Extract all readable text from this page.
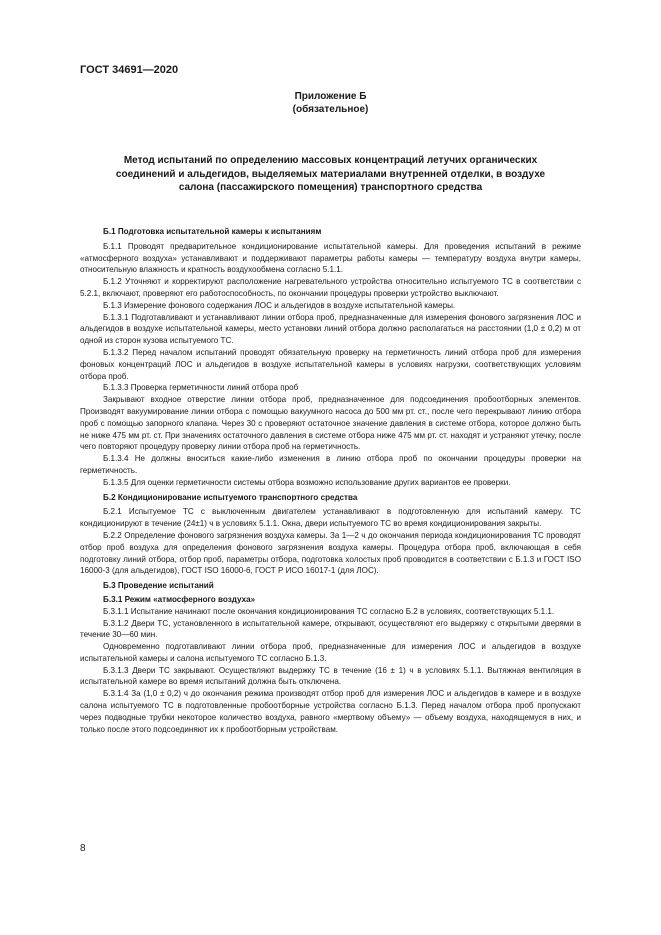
ГОСТ 34691—2020
Приложение Б
(обязательное)
Метод испытаний по определению массовых концентраций летучих органических соединений и альдегидов, выделяемых материалами внутренней отделки, в воздухе салона (пассажирского помещения) транспортного средства

Б.1 Подготовка испытательной камеры к испытаниям

Б.1.1 Проводят предварительное кондиционирование испытательной камеры. Для проведения испытаний в режиме «атмосферного воздуха» устанавливают и поддерживают параметры работы камеры — температуру воздуха внутри камеры, относительную влажность и кратность воздухообмена согласно 5.1.1.

Б.1.2 Уточняют и корректируют расположение нагревательного устройства относительно испытуемого ТС в соответствии с 5.2.1, включают, проверяют его работоспособность, по окончании процедуры проверки устройство выключают.

Б.1.3 Измерение фонового содержания ЛОС и альдегидов в воздухе испытательной камеры.

Б.1.3.1 Подготавливают и устанавливают линии отбора проб, предназначенные для измерения фонового загрязнения ЛОС и альдегидов в воздухе испытательной камеры, место установки линий отбора должно располагаться на расстоянии (1,0 ± 0,2) м от одной из сторон кузова испытуемого ТС.

Б.1.3.2 Перед началом испытаний проводят обязательную проверку на герметичность линий отбора проб для измерения фоновых концентраций ЛОС и альдегидов в воздухе испытательной камеры в условиях нагрузки, соответствующих условиям отбора проб.

Б.1.3.3 Проверка герметичности линий отбора проб

Закрывают входное отверстие линии отбора проб, предназначенное для подсоединения пробоотборных элементов. Производят вакуумирование линии отбора с помощью вакуумного насоса до 500 мм рт. ст., после чего перекрывают линию отбора проб с помощью запорного клапана. Через 30 с проверяют остаточное значение давления в системе отбора, которое должно быть не ниже 475 мм рт. ст. При значениях остаточного давления в системе отбора ниже 475 мм рт. ст. находят и устраняют утечку, после чего повторяют процедуру проверку линии отбора проб на герметичность.

Б.1.3.4 Не должны вноситься какие-либо изменения в линию отбора проб по окончании процедуры проверки на герметичность.

Б.1.3.5 Для оценки герметичности системы отбора возможно использование других вариантов ее проверки.

Б.2 Кондиционирование испытуемого транспортного средства

Б.2.1 Испытуемое ТС с выключенным двигателем устанавливают в подготовленную для испытаний камеру. ТС кондиционируют в течение (24±1) ч в условиях 5.1.1. Окна, двери испытуемого ТС во время кондиционирования закрыты.

Б.2.2 Определение фонового загрязнения воздуха камеры. За 1—2 ч до окончания периода кондиционирования ТС проводят отбор проб воздуха для определения фонового загрязнения воздуха камеры. Процедура отбора проб, включающая в себя подготовку линий отбора, отбор проб, параметры отбора, подготовка холостых проб проводится в соответствии с Б.1.3 и ГОСТ ISO 16000-3 (для альдегидов), ГОСТ ISO 16000-6, ГОСТ Р ИСО 16017-1 (для ЛОС).

Б.3 Проведение испытаний

Б.3.1 Режим «атмосферного воздуха»

Б.3.1.1 Испытание начинают после окончания кондиционирования ТС согласно Б.2 в условиях, соответствующих 5.1.1.

Б.3.1.2 Двери ТС, установленного в испытательной камере, открывают, осуществляют его выдержку с открытыми дверями в течение 30—60 мин.

Одновременно подготавливают линии отбора проб, предназначенные для измерения ЛОС и альдегидов в воздухе испытательной камеры и салона испытуемого ТС согласно Б.1.3.

Б.3.1.3 Двери ТС закрывают. Осуществляют выдержку ТС в течение (16 ± 1) ч в условиях 5.1.1. Вытяжная вентиляция в испытательной камере во время испытаний должна быть отключена.

Б.3.1.4 За (1,0 ± 0,2) ч до окончания режима производят отбор проб для измерения ЛОС и альдегидов в камере и в воздухе салона испытуемого ТС в подготовленные пробоотборные устройства согласно Б.1.3. Перед началом отбора проб пропускают через подводные трубки некоторое количество воздуха, равного «мертвому объему» — объему воздуха, находящемуся в них, и только после этого подсоединяют их к пробоотборным устройствам.

8
